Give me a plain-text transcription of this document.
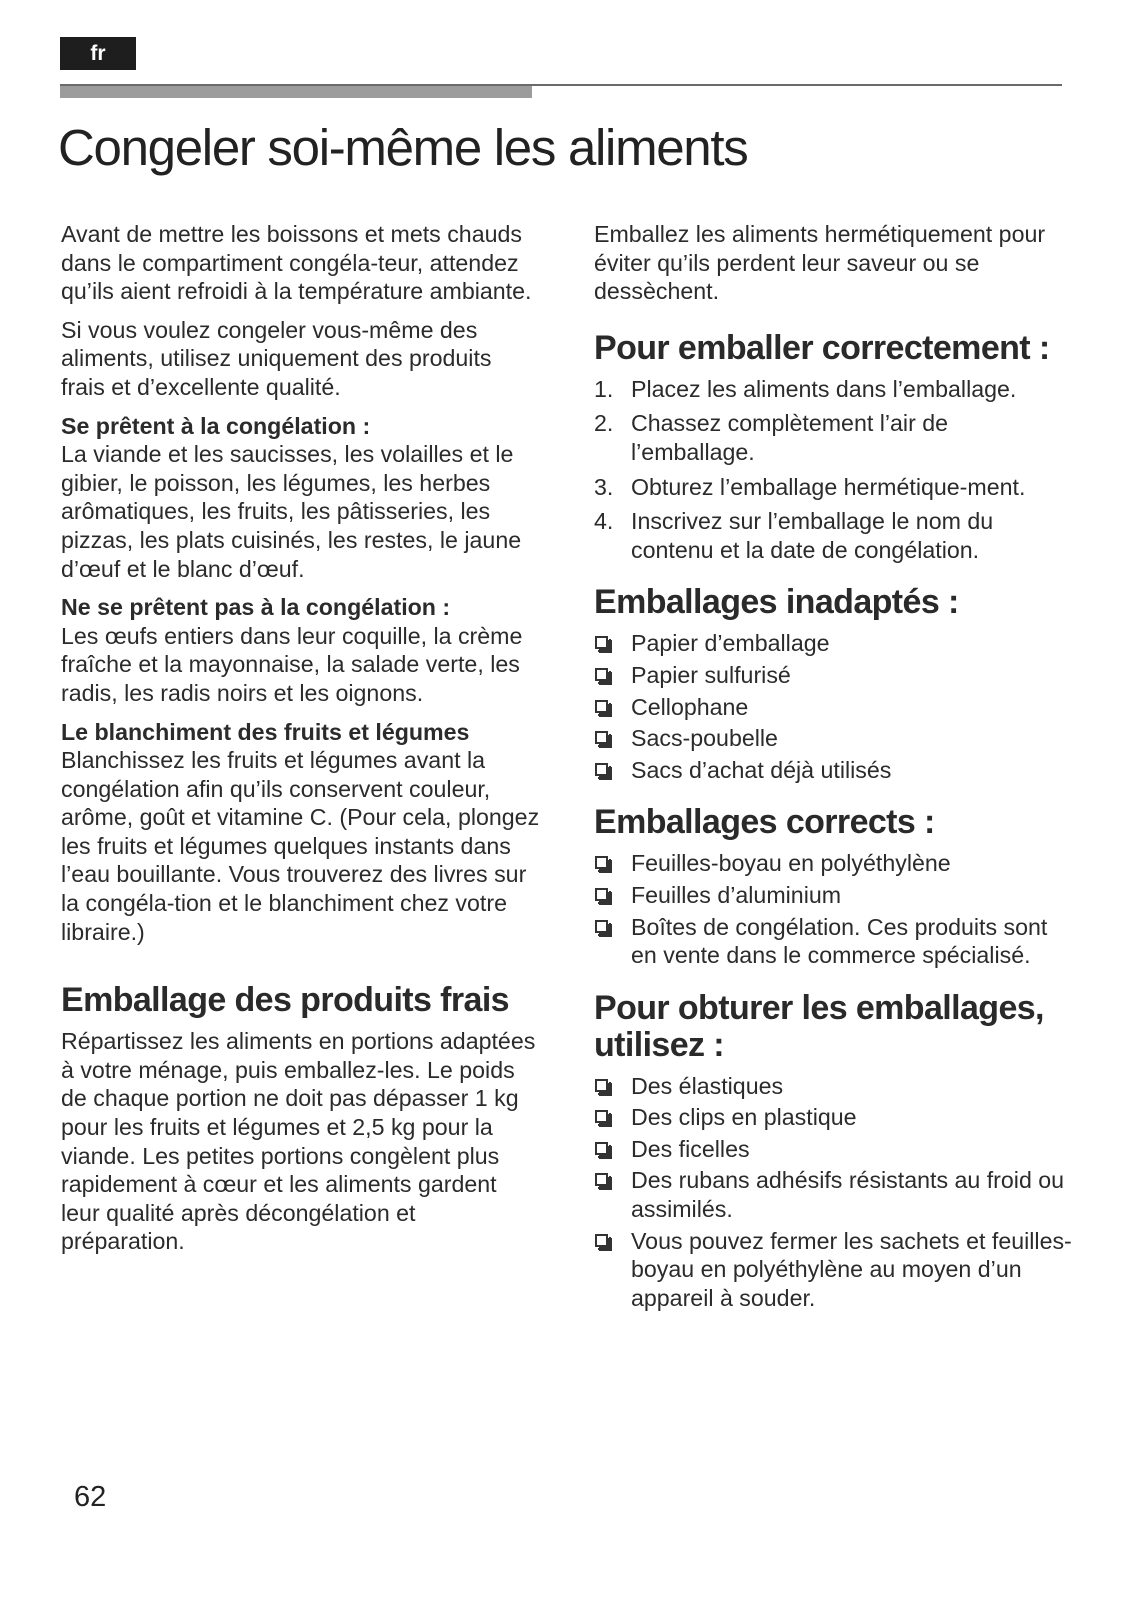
fr
Congeler soi-même les aliments

Avant de mettre les boissons et mets chauds dans le compartiment congéla-teur, attendez qu’ils aient refroidi à la température ambiante.

Si vous voulez congeler vous-même des aliments, utilisez uniquement des produits frais et d’excellente qualité.

Se prêtent à la congélation :
La viande et les saucisses, les volailles et le gibier, le poisson, les légumes, les herbes arômatiques, les fruits, les pâtisseries, les pizzas, les plats cuisinés, les restes, le jaune d’œuf et le blanc d’œuf.

Ne se prêtent pas à la congélation :
Les œufs entiers dans leur coquille, la crème fraîche et la mayonnaise, la salade verte, les radis, les radis noirs et les oignons.

Le blanchiment des fruits et légumes
Blanchissez les fruits et légumes avant la congélation afin qu’ils conservent couleur, arôme, goût et vitamine C. (Pour cela, plongez les fruits et légumes quelques instants dans l’eau bouillante. Vous trouverez des livres sur la congéla-tion et le blanchiment chez votre libraire.)

Emballage des produits frais

Répartissez les aliments en portions adaptées à votre ménage, puis emballez-les. Le poids de chaque portion ne doit pas dépasser 1 kg pour les fruits et légumes et 2,5 kg pour la viande. Les petites portions congèlent plus rapidement à cœur et les aliments gardent leur qualité après décongélation et préparation.

Emballez les aliments hermétiquement pour éviter qu’ils perdent leur saveur ou se dessèchent.

Pour emballer correctement :
1. Placez les aliments dans l’emballage.
2. Chassez complètement l’air de l’emballage.
3. Obturez l’emballage hermétique-ment.
4. Inscrivez sur l’emballage le nom du contenu et la date de congélation.
Emballages inadaptés :
Papier d’emballage
Papier sulfurisé
Cellophane
Sacs-poubelle
Sacs d’achat déjà utilisés
Emballages corrects :
Feuilles-boyau en polyéthylène
Feuilles d’aluminium
Boîtes de congélation. Ces produits sont en vente dans le commerce spécialisé.
Pour obturer les emballages, utilisez :
Des élastiques
Des clips en plastique
Des ficelles
Des rubans adhésifs résistants au froid ou assimilés.
Vous pouvez fermer les sachets et feuilles-boyau en polyéthylène au moyen d’un appareil à souder.
62
